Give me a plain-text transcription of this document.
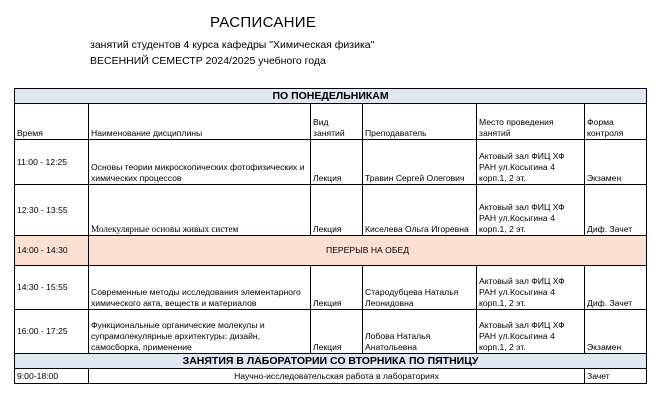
РАСПИСАНИЕ
занятий студентов 4 курса кафедры "Химическая физика"
ВЕСЕННИЙ СЕМЕСТР 2024/2025 учебного года
ПО ПОНЕДЕЛЬНИКАМ					
Время	Наименование дисциплины	Вид занятий	Преподаватель	Место проведения занятий	Форма контроля
11:00 - 12:25	Основы теории микроскопических фотофизических и химических процессов	Лекция	Травин Сергей Олегович	Актовый зал ФИЦ ХФ РАН ул.Косыгина 4 корп.1, 2 эт.	Экзамен
12:30 - 13:55	Молекулярные основы живых систем	Лекция	Киселева Ольга Игоревна	Актовый зал ФИЦ ХФ РАН ул.Косыгина 4 корп.1, 2 эт.	Диф. Зачет
14:00 - 14:30	ПЕРЕРЫВ НА ОБЕД				
14:30 - 15:55	Современные методы исследования элементарного химического акта, веществ и материалов	Лекция	Стародубцева Наталья Леонидовна	Актовый зал ФИЦ ХФ РАН ул.Косыгина 4 корп.1, 2 эт.	Диф. Зачет
16:00 - 17:25	Функциональные органические молекулы и супрамолекулярные архитектуры: дизайн, самосборка, применение	Лекция	Лобова Наталья Анатольевна	Актовый зал ФИЦ ХФ РАН ул.Косыгина 4 корп.1, 2 эт.	Экзамен
ЗАНЯТИЯ В ЛАБОРАТОРИИ СО ВТОРНИКА ПО ПЯТНИЦУ					
9:00-18:00	Научно-исследовательская работа в лабораториях				Зачет
